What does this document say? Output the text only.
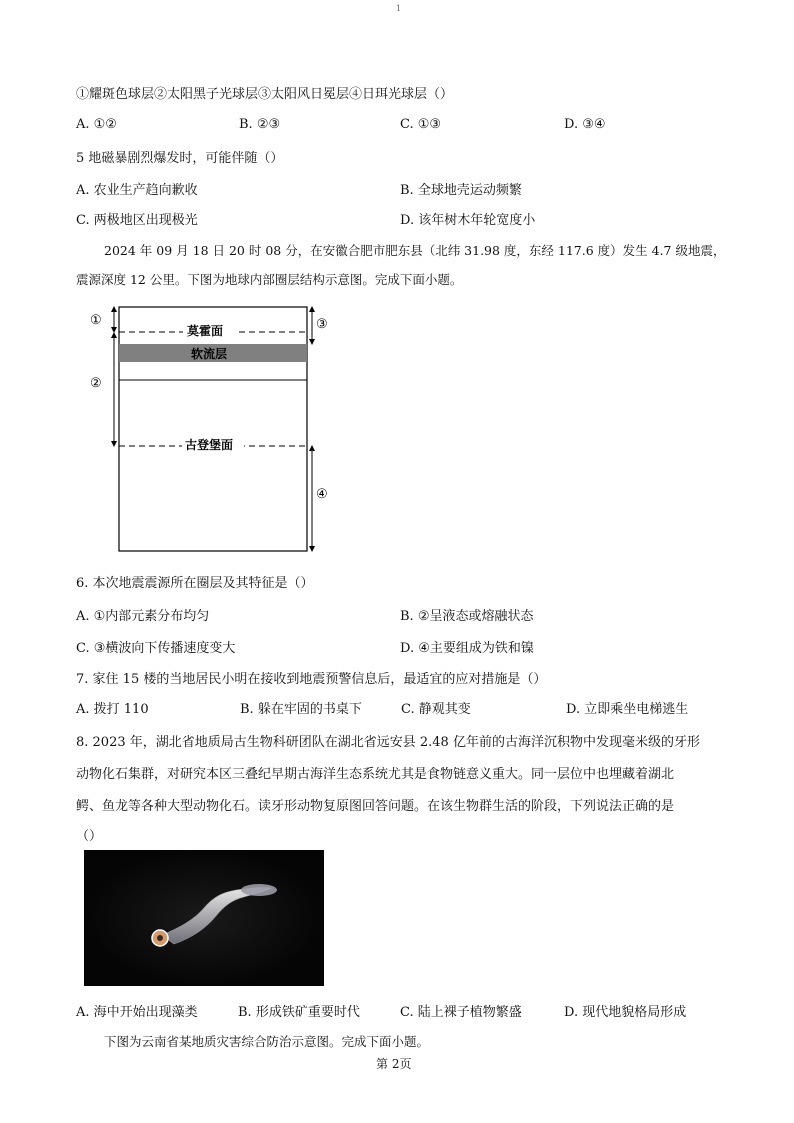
1
①耀斑色球层②太阳黑子光球层③太阳风日冕层④日珥光球层（）
A. ①②	B. ②③	C. ①③	D. ③④
5 地磁暴剧烈爆发时，可能伴随（）
A. 农业生产趋向歉收	B. 全球地壳运动频繁
C. 两极地区出现极光	D. 该年树木年轮宽度小
2024 年 09 月 18 日 20 时 08 分，在安徽合肥市肥东县（北纬 31.98 度，东经 117.6 度）发生 4.7 级地震，
震源深度 12 公里。下图为地球内部圈层结构示意图。完成下面小题。
①
②
③
④
莫霍面
软流层
古登堡面
6. 本次地震震源所在圈层及其特征是（）
A. ①内部元素分布均匀	B. ②呈液态或熔融状态
C. ③横波向下传播速度变大	D. ④主要组成为铁和镍
7. 家住 15 楼的当地居民小明在接收到地震预警信息后，最适宜的应对措施是（）
A. 拨打 110	B. 躲在牢固的书桌下	C. 静观其变	D. 立即乘坐电梯逃生
8. 2023 年，湖北省地质局古生物科研团队在湖北省远安县 2.48 亿年前的古海洋沉积物中发现毫米级的牙形
动物化石集群，对研究本区三叠纪早期古海洋生态系统尤其是食物链意义重大。同一层位中也埋藏着湖北
鳄、鱼龙等各种大型动物化石。读牙形动物复原图回答问题。在该生物群生活的阶段，下列说法正确的是
（）
A. 海中开始出现藻类	B. 形成铁矿重要时代	C. 陆上裸子植物繁盛	D. 现代地貌格局形成
下图为云南省某地质灾害综合防治示意图。完成下面小题。
第 2页
